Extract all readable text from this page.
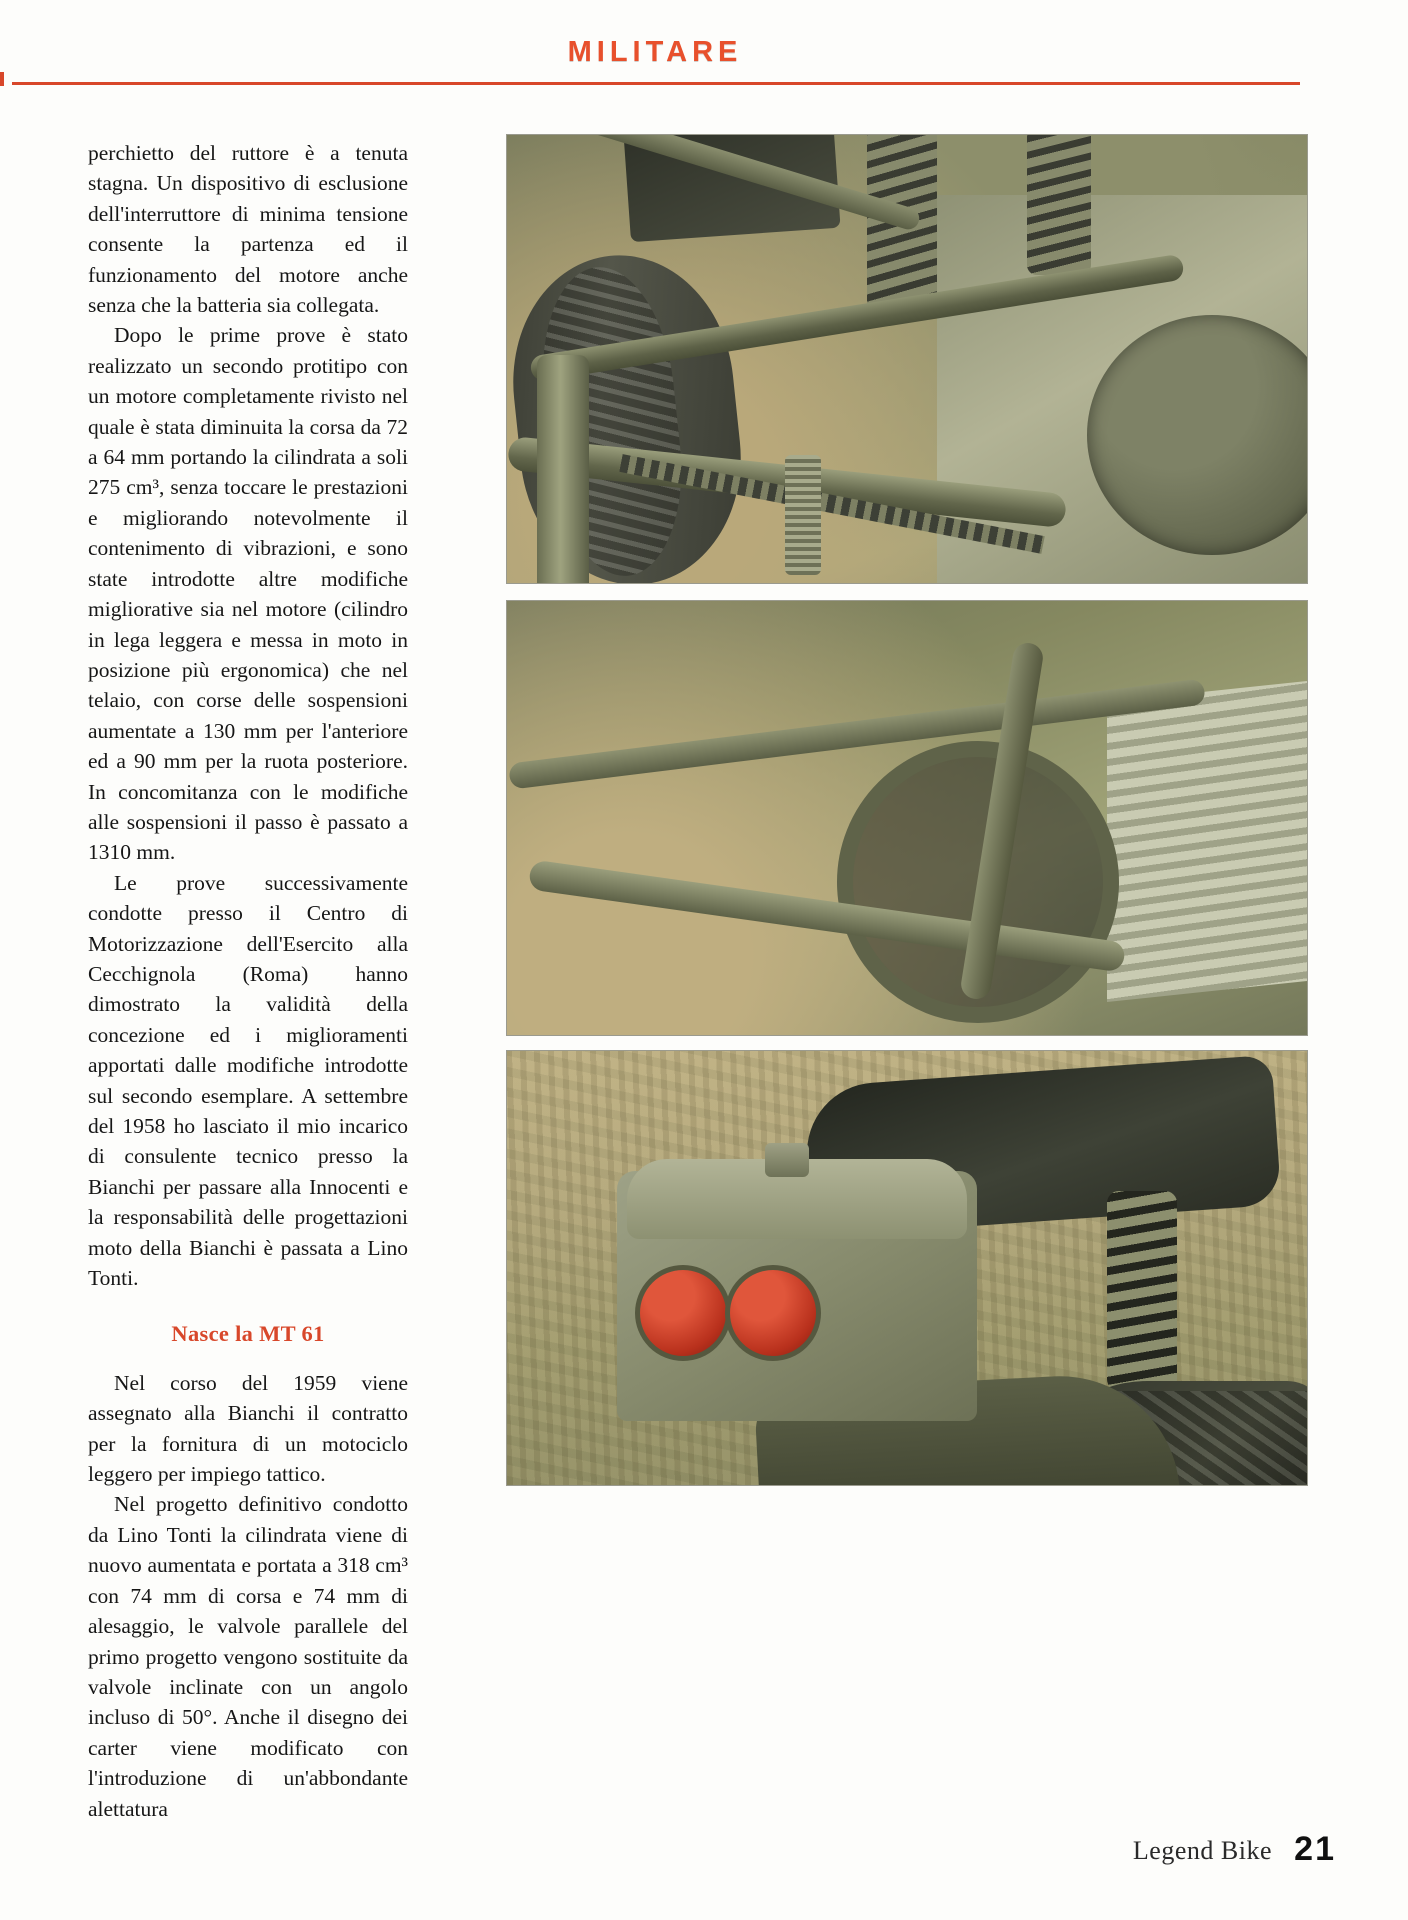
MILITARE

perchietto del ruttore è a tenuta stagna. Un dispositivo di esclusione dell'interruttore di minima tensione consente la partenza ed il funzionamento del motore anche senza che la batteria sia collegata.

Dopo le prime prove è stato realizzato un secondo protitipo con un motore completamente rivisto nel quale è stata diminuita la corsa da 72 a 64 mm portando la cilindrata a soli 275 cm³, senza toccare le prestazioni e migliorando notevolmente il contenimento di vibrazioni, e sono state introdotte altre modifiche migliorative sia nel motore (cilindro in lega leggera e messa in moto in posizione più ergonomica) che nel telaio, con corse delle sospensioni aumentate a 130 mm per l'anteriore ed a 90 mm per la ruota posteriore. In concomitanza con le modifiche alle sospensioni il passo è passato a 1310 mm.

Le prove successivamente condotte presso il Centro di Motorizzazione dell'Esercito alla Cecchignola (Roma) hanno dimostrato la validità della concezione ed i miglioramenti apportati dalle modifiche introdotte sul secondo esemplare. A settembre del 1958 ho lasciato il mio incarico di consulente tecnico presso la Bianchi per passare alla Innocenti e la responsabilità delle progettazioni moto della Bianchi è passata a Lino Tonti.

Nasce la MT 61

Nel corso del 1959 viene assegnato alla Bianchi il contratto per la fornitura di un motociclo leggero per impiego tattico.

Nel progetto definitivo condotto da Lino Tonti la cilindrata viene di nuovo aumentata e portata a 318 cm³ con 74 mm di corsa e 74 mm di alesaggio, le valvole parallele del primo progetto vengono sostituite da valvole inclinate con un angolo incluso di 50°. Anche il disegno dei carter viene modificato con l'introduzione di un'abbondante alettatura

Legend Bike 21
